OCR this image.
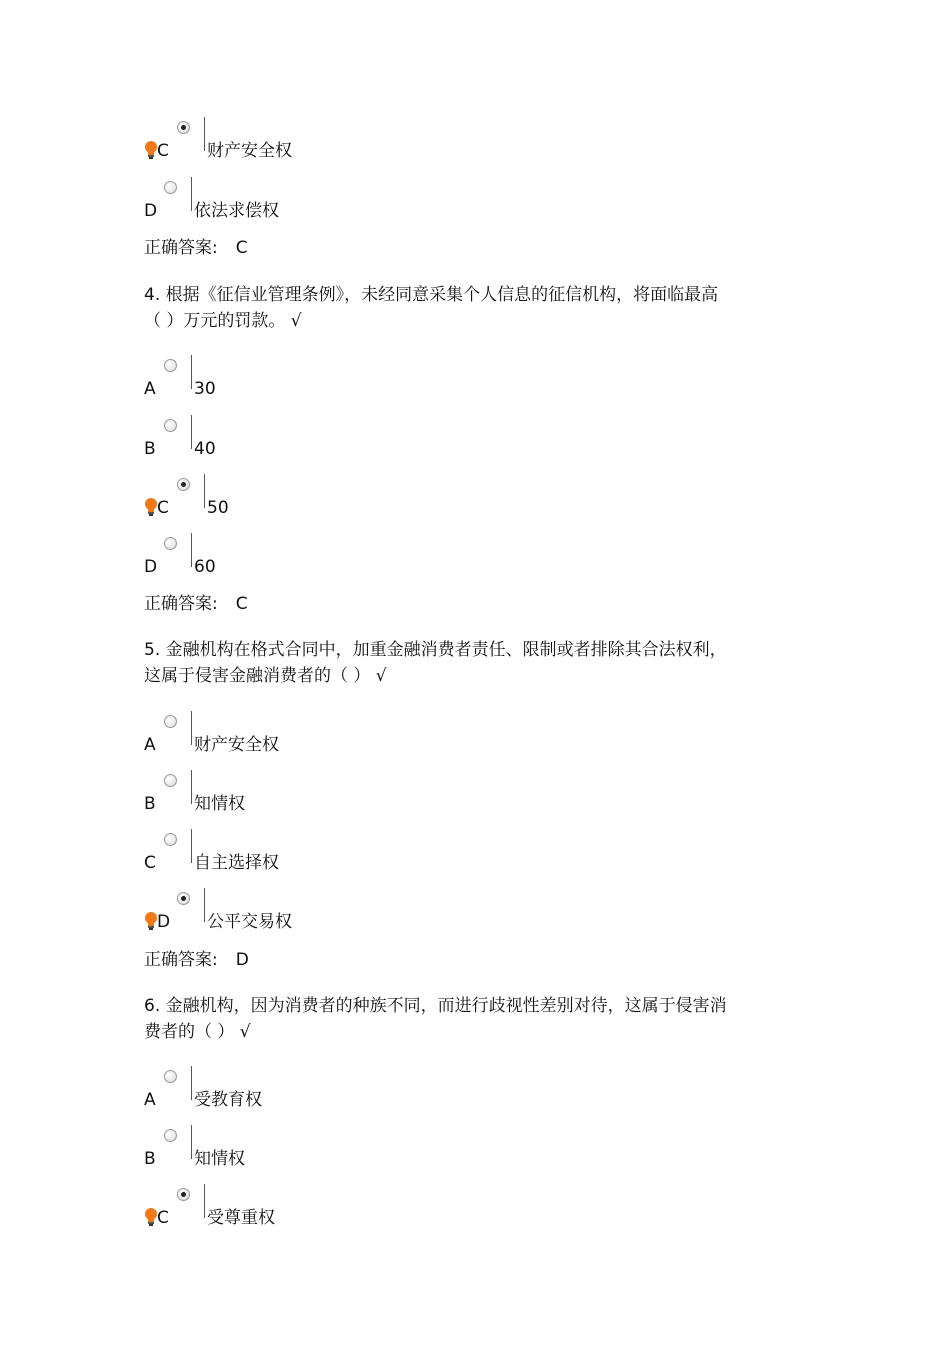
C 财产安全权
D 依法求偿权
正确答案: C
4. 根据《征信业管理条例》，未经同意采集个人信息的征信机构，将面临最高
（ ）万元的罚款。 √
A 30
B 40
C 50
D 60
正确答案: C
5. 金融机构在格式合同中，加重金融消费者责任、限制或者排除其合法权利，
这属于侵害金融消费者的（ ） √
A 财产安全权
B 知情权
C 自主选择权
D 公平交易权
正确答案: D
6. 金融机构，因为消费者的种族不同，而进行歧视性差别对待，这属于侵害消
费者的（ ） √
A 受教育权
B 知情权
C 受尊重权
